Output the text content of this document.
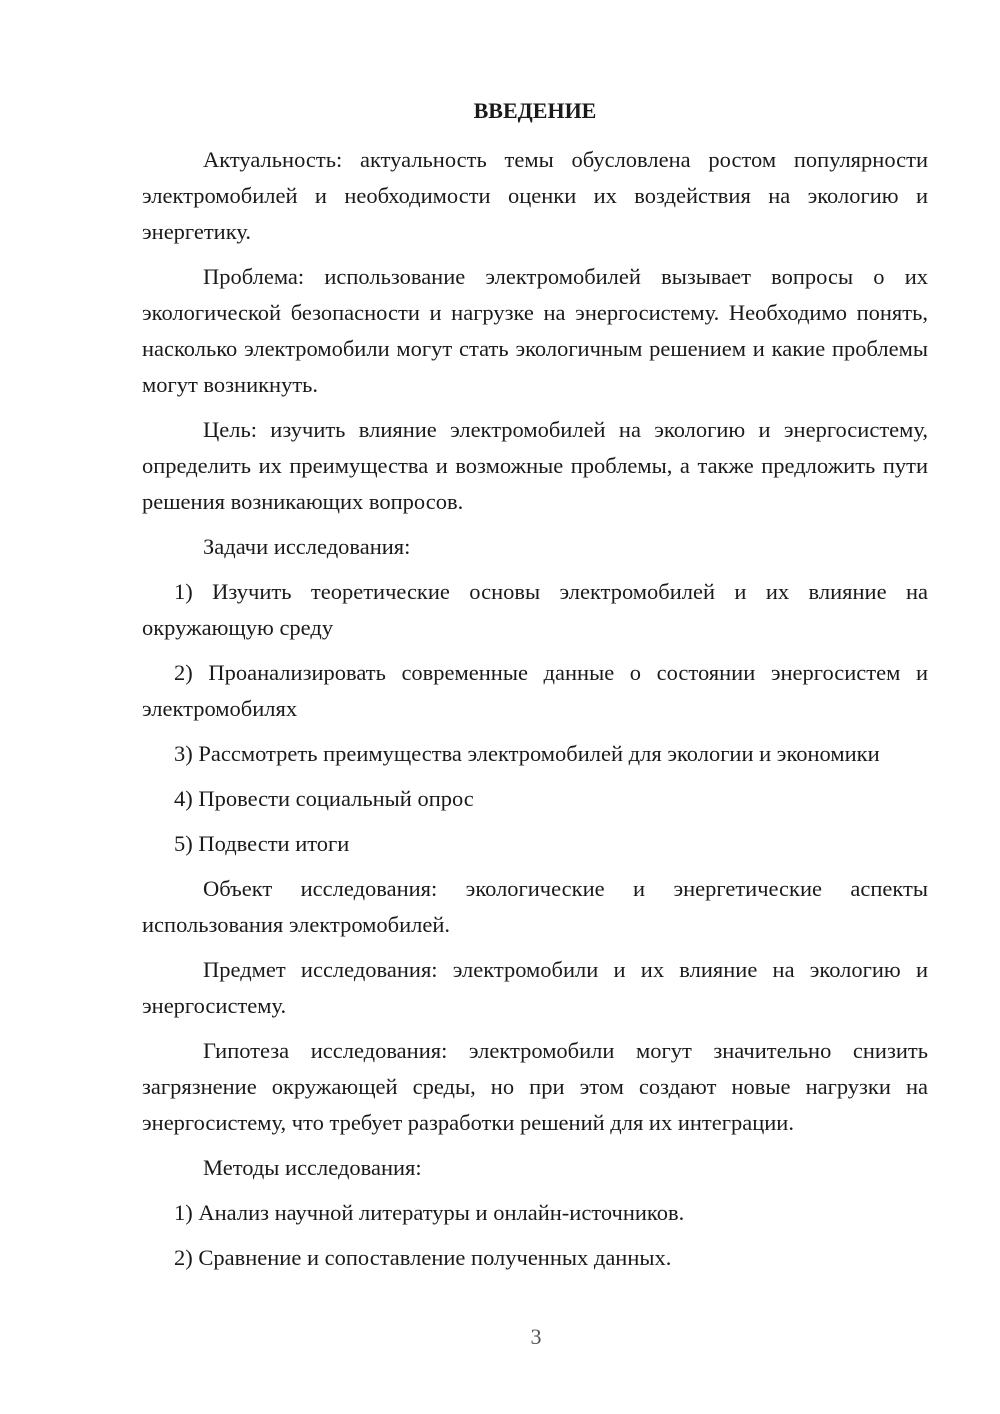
ВВЕДЕНИЕ

Актуальность: актуальность темы обусловлена ростом популярности электромобилей и необходимости оценки их воздействия на экологию и энергетику.

Проблема: использование электромобилей вызывает вопросы о их экологической безопасности и нагрузке на энергосистему. Необходимо понять, насколько электромобили могут стать экологичным решением и какие проблемы могут возникнуть.

Цель: изучить влияние электромобилей на экологию и энергосистему, определить их преимущества и возможные проблемы, а также предложить пути решения возникающих вопросов.

Задачи исследования:

1) Изучить теоретические основы электромобилей и их влияние на окружающую среду

2) Проанализировать современные данные о состоянии энергосистем и электромобилях

3) Рассмотреть преимущества электромобилей для экологии и экономики

4) Провести социальный опрос

5) Подвести итоги

Объект исследования: экологические и энергетические аспекты использования электромобилей.

Предмет исследования: электромобили и их влияние на экологию и энергосистему.

Гипотеза исследования: электромобили могут значительно снизить загрязнение окружающей среды, но при этом создают новые нагрузки на энергосистему, что требует разработки решений для их интеграции.

Методы исследования:

1) Анализ научной литературы и онлайн-источников.

2) Сравнение и сопоставление полученных данных.

3
